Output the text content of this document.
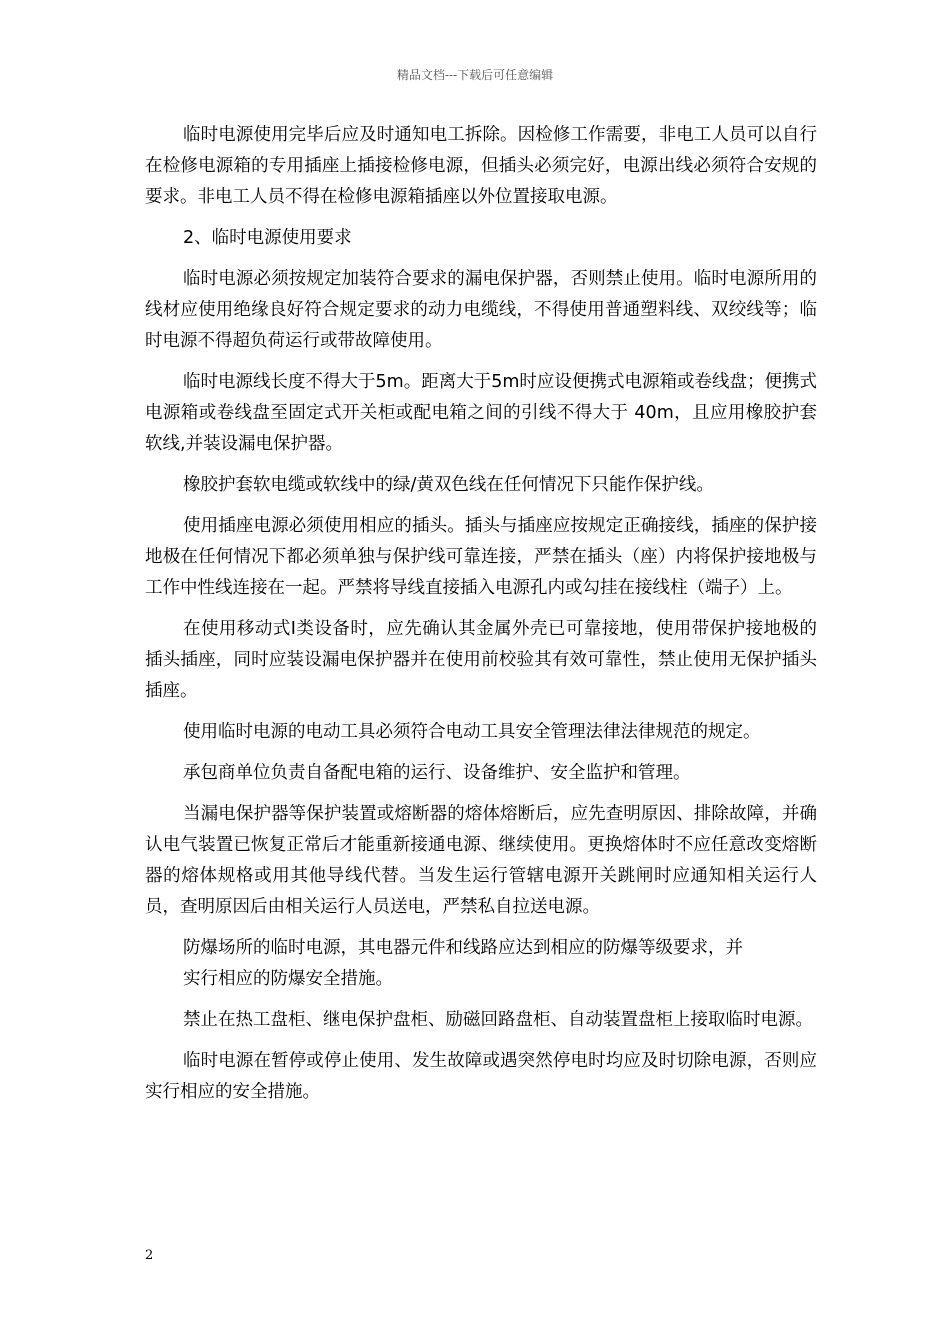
精品文档---下载后可任意编辑

临时电源使用完毕后应及时通知电工拆除。因检修工作需要，非电工人员可以自行在检修电源箱的专用插座上插接检修电源，但插头必须完好，电源出线必须符合安规的要求。非电工人员不得在检修电源箱插座以外位置接取电源。

2、临时电源使用要求

临时电源必须按规定加装符合要求的漏电保护器，否则禁止使用。临时电源所用的线材应使用绝缘良好符合规定要求的动力电缆线，不得使用普通塑料线、双绞线等；临时电源不得超负荷运行或带故障使用。

临时电源线长度不得大于5m。距离大于5m时应设便携式电源箱或卷线盘；便携式电源箱或卷线盘至固定式开关柜或配电箱之间的引线不得大于 40m，且应用橡胶护套软线,并装设漏电保护器。

橡胶护套软电缆或软线中的绿/黄双色线在任何情况下只能作保护线。

使用插座电源必须使用相应的插头。插头与插座应按规定正确接线，插座的保护接地极在任何情况下都必须单独与保护线可靠连接，严禁在插头（座）内将保护接地极与工作中性线连接在一起。严禁将导线直接插入电源孔内或勾挂在接线柱（端子）上。

在使用移动式Ⅰ类设备时，应先确认其金属外壳已可靠接地，使用带保护接地极的插头插座，同时应装设漏电保护器并在使用前校验其有效可靠性，禁止使用无保护插头插座。

使用临时电源的电动工具必须符合电动工具安全管理法律法律规范的规定。

承包商单位负责自备配电箱的运行、设备维护、安全监护和管理。

当漏电保护器等保护装置或熔断器的熔体熔断后，应先查明原因、排除故障，并确认电气装置已恢复正常后才能重新接通电源、继续使用。更换熔体时不应任意改变熔断器的熔体规格或用其他导线代替。当发生运行管辖电源开关跳闸时应通知相关运行人员，查明原因后由相关运行人员送电，严禁私自拉送电源。

防爆场所的临时电源，其电器元件和线路应达到相应的防爆等级要求，并
实行相应的防爆安全措施。

禁止在热工盘柜、继电保护盘柜、励磁回路盘柜、自动装置盘柜上接取临时电源。

临时电源在暂停或停止使用、发生故障或遇突然停电时均应及时切除电源，否则应实行相应的安全措施。

2
